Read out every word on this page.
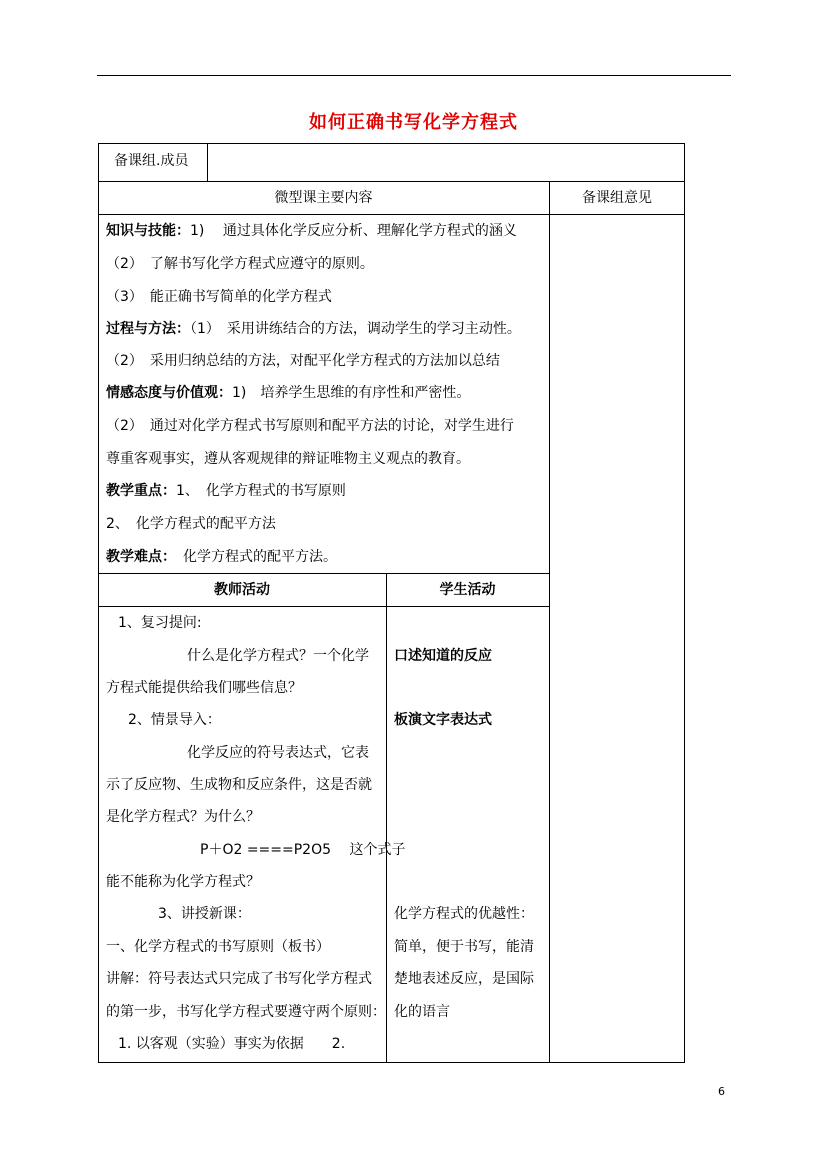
如何正确书写化学方程式
备课组.成员
微型课主要内容	备课组意见
知识与技能：1)　 通过具体化学反应分析、理解化学方程式的涵义
（2）　了解书写化学方程式应遵守的原则。
（3）　能正确书写简单的化学方程式
过程与方法：（1）　采用讲练结合的方法，调动学生的学习主动性。
（2）　采用归纳总结的方法，对配平化学方程式的方法加以总结
情感态度与价值观：1)　培养学生思维的有序性和严密性。
（2）　通过对化学方程式书写原则和配平方法的讨论，对学生进行
尊重客观事实，遵从客观规律的辩证唯物主义观点的教育。
教学重点：1、　化学方程式的书写原则
2、　化学方程式的配平方法
教学难点：　化学方程式的配平方法。
教师活动	学生活动
1、复习提问:
什么是化学方程式？一个化学
方程式能提供给我们哪些信息？
2、情景导入：
化学反应的符号表达式，它表
示了反应物、生成物和反应条件，这是否就
是化学方程式？为什么？
P＋O2 ====P2O5　 这个式子
能不能称为化学方程式？
3、讲授新课：
一、化学方程式的书写原则（板书）
讲解：符号表达式只完成了书写化学方程式
的第一步，书写化学方程式要遵守两个原则：
1. 以客观（实验）事实为依据　　2.
口述知道的反应
板演文字表达式
化学方程式的优越性：
简单，便于书写，能清
楚地表述反应，是国际
化的语言
6
